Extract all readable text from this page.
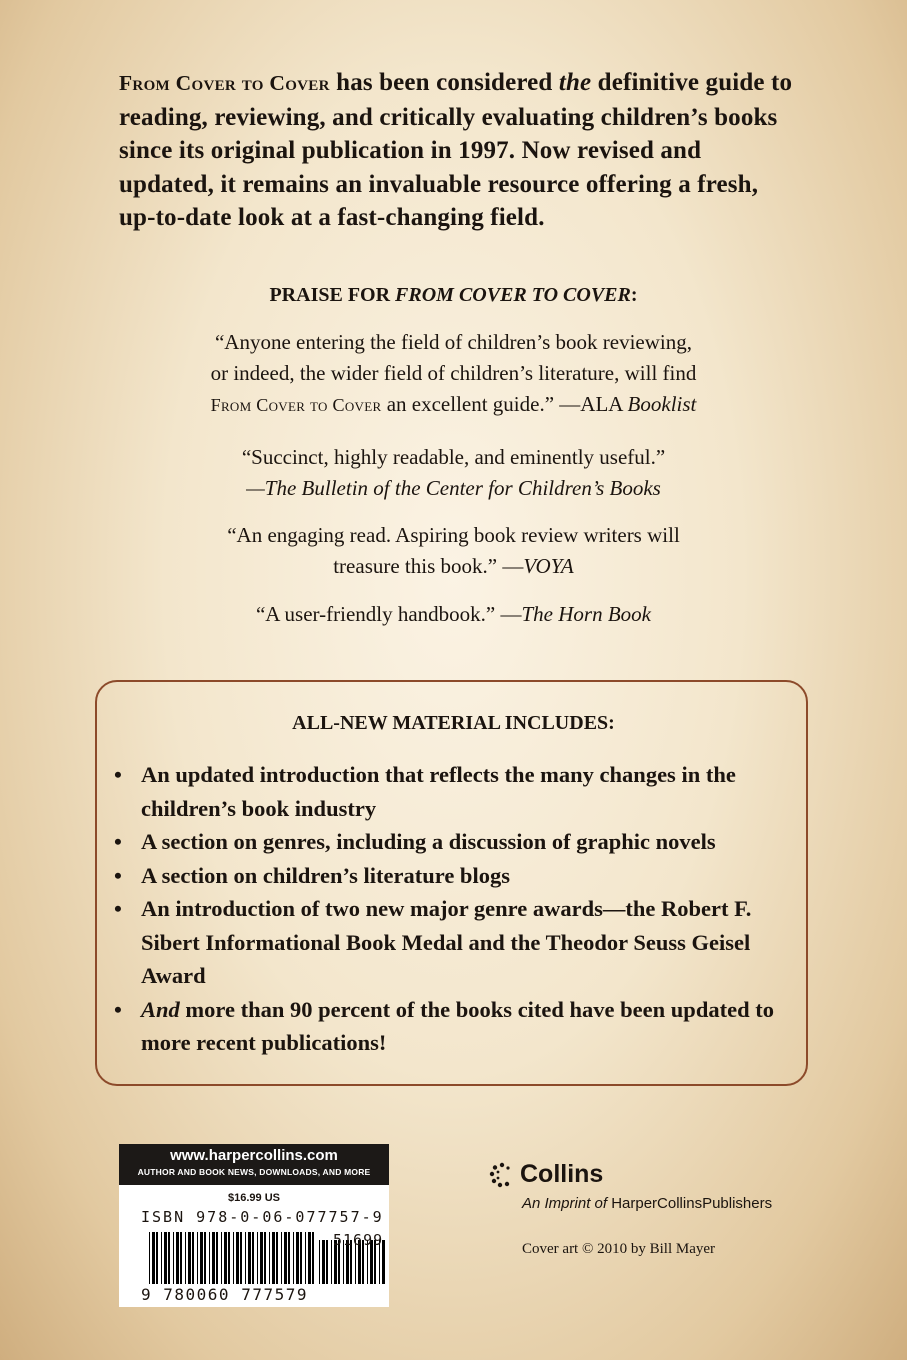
From Cover to Cover has been considered the definitive guide to reading, reviewing, and critically evaluating children’s books since its original publication in 1997. Now revised and updated, it remains an invaluable resource offering a fresh, up-to-date look at a fast-changing field.
PRAISE FOR FROM COVER TO COVER:
“Anyone entering the field of children’s book reviewing,
or indeed, the wider field of children’s literature, will find
From Cover to Cover an excellent guide.” —ALA Booklist
“Succinct, highly readable, and eminently useful.”
—The Bulletin of the Center for Children’s Books
“An engaging read. Aspiring book review writers will
treasure this book.” —VOYA
“A user-friendly handbook.” —The Horn Book
ALL-NEW MATERIAL INCLUDES:
• An updated introduction that reflects the many changes in the children’s book industry
• A section on genres, including a discussion of graphic novels
• A section on children’s literature blogs
• An introduction of two new major genre awards—the Robert F. Sibert Informational Book Medal and the Theodor Seuss Geisel Award
• And more than 90 percent of the books cited have been updated to more recent publications!
www.harpercollins.com
AUTHOR AND BOOK NEWS, DOWNLOADS, AND MORE
$16.99 US
ISBN 978-0-06-077757-9
51699
9 780060 777579
Collins
An Imprint of HarperCollinsPublishers
Cover art © 2010 by Bill Mayer
